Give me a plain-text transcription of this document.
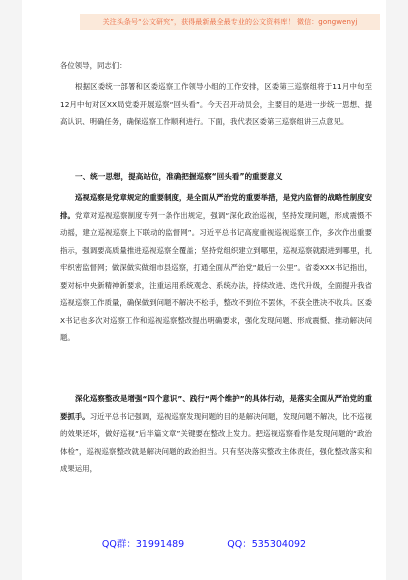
关注头条号“公文研究”，获得最新最全最专业的公文资料库！ 微信：gongwenyj
各位领导，同志们：

根据区委统一部署和区委巡察工作领导小组的工作安排，区委第三巡察组将于11月中旬至12月中旬对区XX局党委开展巡察“回头看”。今天召开动员会，主要目的是进一步统一思想、提高认识、明确任务，确保巡察工作顺利进行。下面，我代表区委第三巡察组讲三点意见。

一、统一思想，提高站位，准确把握巡察“回头看”的重要意义

巡视巡察是党章规定的重要制度，是全面从严治党的重要举措，是党内监督的战略性制度安排。党章对巡视巡察制度专列一条作出规定，强调“深化政治巡视，坚持发现问题，形成震慑不动摇，建立巡视巡察上下联动的监督网”。习近平总书记高度重视巡视巡察工作，多次作出重要指示，强调要高质量推进巡视巡察全覆盖；坚持党组织建立到哪里，巡视巡察就跟进到哪里，扎牢织密监督网；做深做实做细市县巡察，打通全面从严治党“最后一公里”。省委XXX书记指出，要对标中央新精神新要求，注重运用系统观念、系统办法，持续改进、迭代升级，全面提升我省巡视巡察工作质量，确保做到问题不解决不松手，整改不到位不罢休，不获全胜决不收兵。区委X书记也多次对巡察工作和巡视巡察整改提出明确要求，强化发现问题、形成震慑、推动解决问题。

深化巡察整改是增强“四个意识”、践行“两个维护”的具体行动，是落实全面从严治党的重要抓手。习近平总书记强调，巡视巡察发现问题的目的是解决问题，发现问题不解决，比不巡视的效果还坏，做好巡视“后半篇文章”关键要在整改上发力。把巡视巡察看作是发现问题的“政治体检”，巡视巡察整改就是解决问题的政治担当。只有坚决落实整改主体责任，强化整改落实和成果运用，

QQ群：31991489	QQ：535304092
